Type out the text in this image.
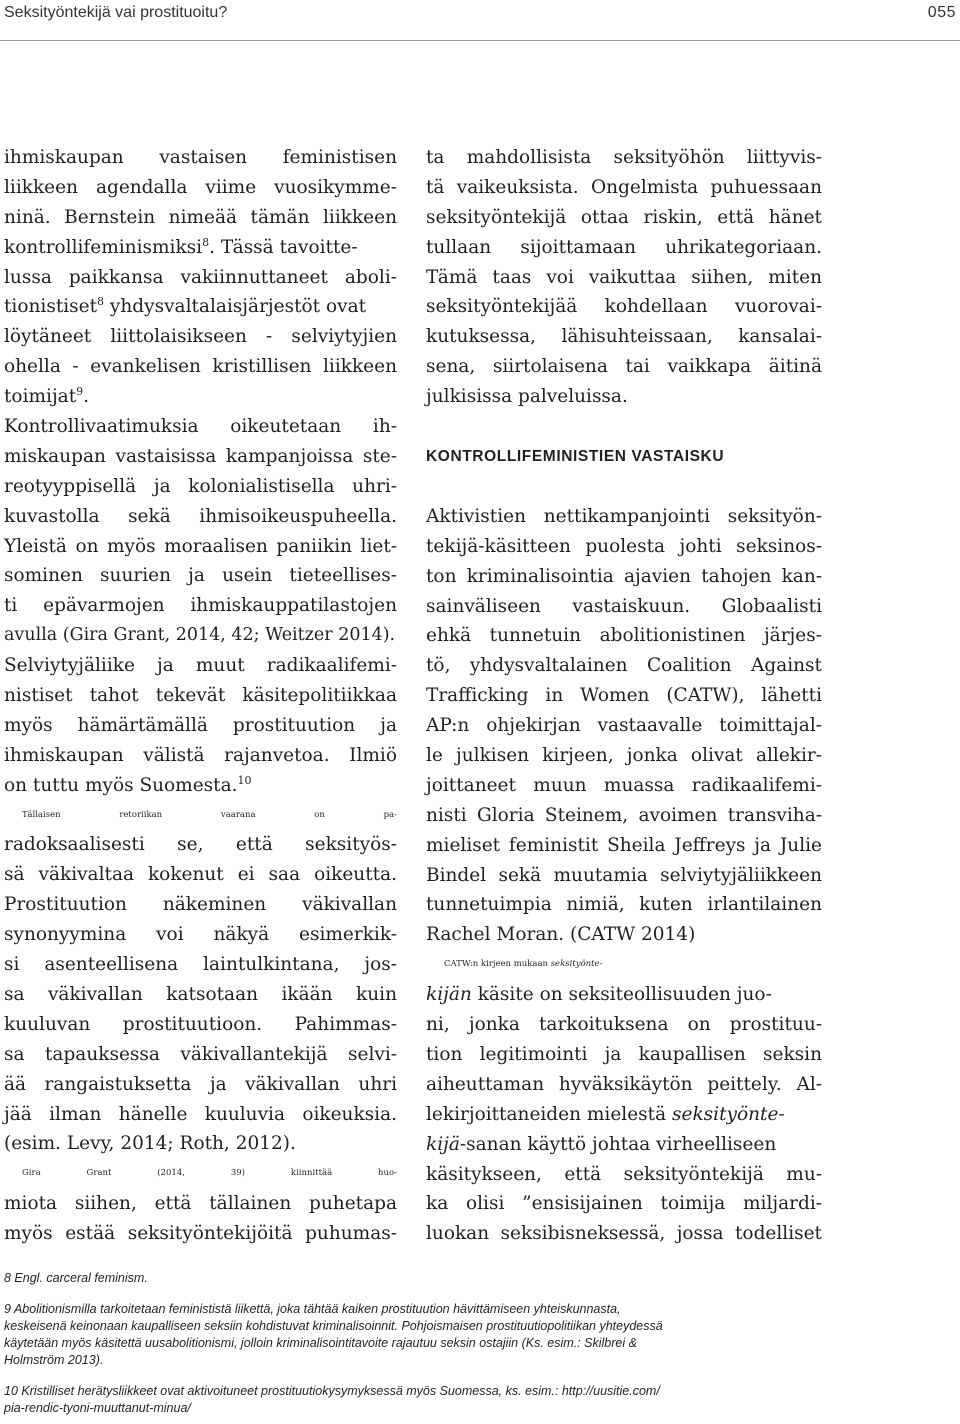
Seksityöntekijä vai prostituoitu?	055
ihmiskaupan vastaisen feministisen
liikkeen agendalla viime vuosikymme-
ninä. Bernstein nimeää tämän liikkeen
kontrollifeminismiksi$^8$. Tässä tavoitte-
lussa paikkansa vakiinnuttaneet aboli-
tionistiset$^8$ yhdysvaltalaisjärjestöt ovat
löytäneet liittolaisikseen - selviytyjien
ohella - evankelisen kristillisen liikkeen
toimijat$^9$.
Kontrollivaatimuksia oikeutetaan ih-
miskaupan vastaisissa kampanjoissa ste-
reotyyppisellä ja kolonialistisella uhri-
kuvastolla sekä ihmisoikeuspuheella.
Yleistä on myös moraalisen paniikin liet-
sominen suurien ja usein tieteellises-
ti epävarmojen ihmiskauppatilastojen
avulla (Gira Grant, 2014, 42; Weitzer 2014).
Selviytyjäliike ja muut radikaalifemi-
nistiset tahot tekevät käsitepolitiikkaa
myös hämärtämällä prostituution ja
ihmiskaupan välistä rajanvetoa. Ilmiö
on tuttu myös Suomesta.$^{10}$
Tällaisen retoriikan vaarana on pa-
radoksaalisesti se, että seksityös-
sä väkivaltaa kokenut ei saa oikeutta.
Prostituution näkeminen väkivallan
synonyymina voi näkyä esimerkik-
si asenteellisena laintulkintana, jos-
sa väkivallan katsotaan ikään kuin
kuuluvan prostituutioon. Pahimmas-
sa tapauksessa väkivallantekijä selvi-
ää rangaistuksetta ja väkivallan uhri
jää ilman hänelle kuuluvia oikeuksia.
(esim. Levy, 2014; Roth, 2012).
Gira Grant (2014, 39) kiinnittää huo-
miota siihen, että tällainen puhetapa
myös estää seksityöntekijöitä puhumas-
ta mahdollisista seksityöhön liittyvis-
tä vaikeuksista. Ongelmista puhuessaan
seksityöntekijä ottaa riskin, että hänet
tullaan sijoittamaan uhrikategoriaan.
Tämä taas voi vaikuttaa siihen, miten
seksityöntekijää kohdellaan vuorovai-
kutuksessa, lähisuhteissaan, kansalai-
sena, siirtolaisena tai vaikkapa äitinä
julkisissa palveluissa.
KONTROLLIFEMINISTIEN VASTAISKU
Aktivistien nettikampanjointi seksityön-
tekijä-käsitteen puolesta johti seksinos-
ton kriminalisointia ajavien tahojen kan-
sainväliseen vastaiskuun. Globaalisti
ehkä tunnetuin abolitionistinen järjes-
tö, yhdysvaltalainen Coalition Against
Trafficking in Women (CATW), lähetti
AP:n ohjekirjan vastaavalle toimittajal-
le julkisen kirjeen, jonka olivat allekir-
joittaneet muun muassa radikaalifemi-
nisti Gloria Steinem, avoimen transviha-
mieliset feministit Sheila Jeffreys ja Julie
Bindel sekä muutamia selviytyjäliikkeen
tunnetuimpia nimiä, kuten irlantilainen
Rachel Moran. (CATW 2014)
CATW:n kirjeen mukaan seksityönte-
kijän käsite on seksiteollisuuden juo-
ni, jonka tarkoituksena on prostituu-
tion legitimointi ja kaupallisen seksin
aiheuttaman hyväksikäytön peittely. Al-
lekirjoittaneiden mielestä seksityönte-
kijä-sanan käyttö johtaa virheelliseen
käsitykseen, että seksityöntekijä mu-
ka olisi ”ensisijainen toimija miljardi-
luokan seksibisneksessä, jossa todelliset
8 Engl. carceral feminism.
9 Abolitionismilla tarkoitetaan feminististä liikettä, joka tähtää kaiken prostituution hävittämiseen yhteiskunnasta,
keskeisenä keinonaan kaupalliseen seksiin kohdistuvat kriminalisoinnit. Pohjoismaisen prostituutiopolitiikan yhteydessä
käytetään myös käsitettä uusabolitionismi, jolloin kriminalisointitavoite rajautuu seksin ostajiin (Ks. esim.: Skilbrei &
Holmström 2013).
10 Kristilliset herätysliikkeet ovat aktivoituneet prostituutiokysymyksessä myös Suomessa, ks. esim.: http://uusitie.com/
pia-rendic-tyoni-muuttanut-minua/
